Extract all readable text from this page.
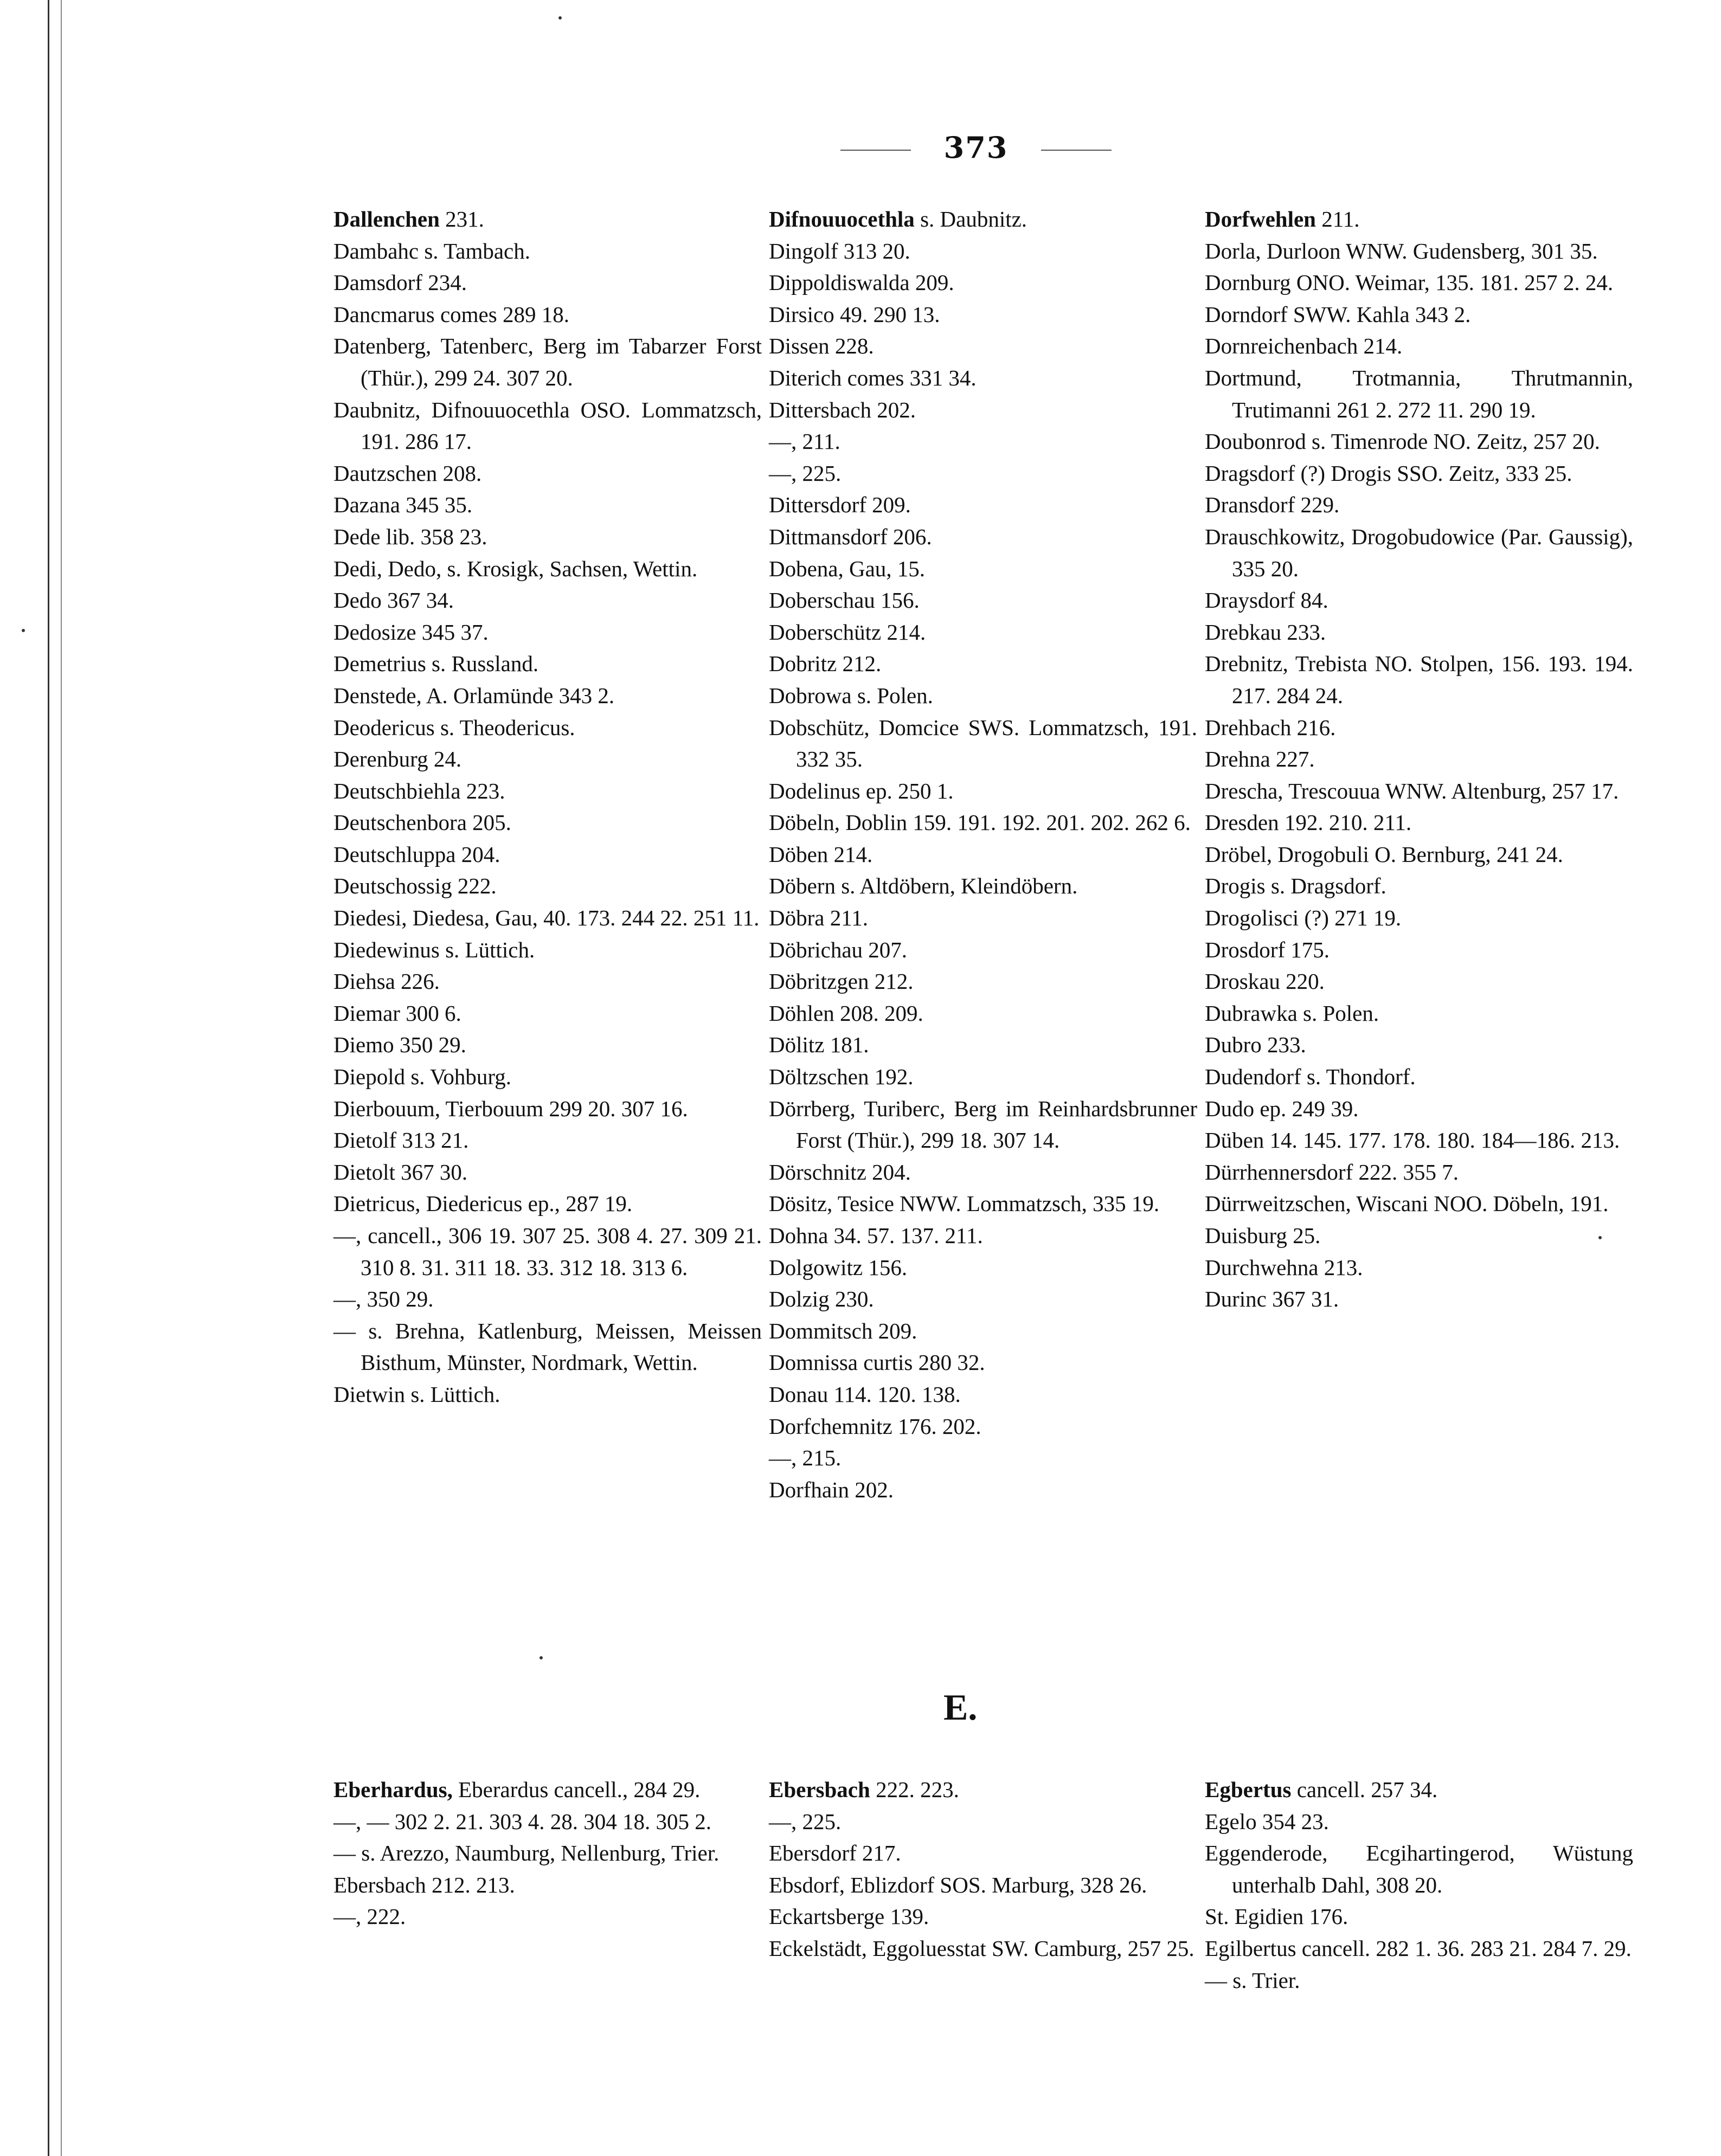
373

Dallenchen 231.

Dambahc s. Tambach.

Damsdorf 234.

Dancmarus comes 289 18.

Datenberg, Tatenberc, Berg im Tabarzer Forst (Thür.), 299 24. 307 20.

Daubnitz, Difnouuocethla OSO. Lommatzsch, 191. 286 17.

Dautzschen 208.

Dazana 345 35.

Dede lib. 358 23.

Dedi, Dedo, s. Krosigk, Sachsen, Wettin.

Dedo 367 34.

Dedosize 345 37.

Demetrius s. Russland.

Denstede, A. Orlamünde 343 2.

Deodericus s. Theodericus.

Derenburg 24.

Deutschbiehla 223.

Deutschenbora 205.

Deutschluppa 204.

Deutschossig 222.

Diedesi, Diedesa, Gau, 40. 173. 244 22. 251 11.

Diedewinus s. Lüttich.

Diehsa 226.

Diemar 300 6.

Diemo 350 29.

Diepold s. Vohburg.

Dierbouum, Tierbouum 299 20. 307 16.

Dietolf 313 21.

Dietolt 367 30.

Dietricus, Diedericus ep., 287 19.

—, cancell., 306 19. 307 25. 308 4. 27. 309 21. 310 8. 31. 311 18. 33. 312 18. 313 6.

—, 350 29.

— s. Brehna, Katlenburg, Meissen, Meissen Bisthum, Münster, Nordmark, Wettin.

Dietwin s. Lüttich.

Difnouuocethla s. Daubnitz.

Dingolf 313 20.

Dippoldiswalda 209.

Dirsico 49. 290 13.

Dissen 228.

Diterich comes 331 34.

Dittersbach 202.

—, 211.

—, 225.

Dittersdorf 209.

Dittmansdorf 206.

Dobena, Gau, 15.

Doberschau 156.

Doberschütz 214.

Dobritz 212.

Dobrowa s. Polen.

Dobschütz, Domcice SWS. Lommatzsch, 191. 332 35.

Dodelinus ep. 250 1.

Döbeln, Doblin 159. 191. 192. 201. 202. 262 6.

Döben 214.

Döbern s. Altdöbern, Kleindöbern.

Döbra 211.

Döbrichau 207.

Döbritzgen 212.

Döhlen 208. 209.

Dölitz 181.

Döltzschen 192.

Dörrberg, Turiberc, Berg im Reinhardsbrunner Forst (Thür.), 299 18. 307 14.

Dörschnitz 204.

Dösitz, Tesice NWW. Lommatzsch, 335 19.

Dohna 34. 57. 137. 211.

Dolgowitz 156.

Dolzig 230.

Dommitsch 209.

Domnissa curtis 280 32.

Donau 114. 120. 138.

Dorfchemnitz 176. 202.

—, 215.

Dorfhain 202.

Dorfwehlen 211.

Dorla, Durloon WNW. Gudensberg, 301 35.

Dornburg ONO. Weimar, 135. 181. 257 2. 24.

Dorndorf SWW. Kahla 343 2.

Dornreichenbach 214.

Dortmund, Trotmannia, Thrutmannin, Trutimanni 261 2. 272 11. 290 19.

Doubonrod s. Timenrode NO. Zeitz, 257 20.

Dragsdorf (?) Drogis SSO. Zeitz, 333 25.

Dransdorf 229.

Drauschkowitz, Drogobudowice (Par. Gaussig), 335 20.

Draysdorf 84.

Drebkau 233.

Drebnitz, Trebista NO. Stolpen, 156. 193. 194. 217. 284 24.

Drehbach 216.

Drehna 227.

Drescha, Trescouua WNW. Altenburg, 257 17.

Dresden 192. 210. 211.

Dröbel, Drogobuli O. Bernburg, 241 24.

Drogis s. Dragsdorf.

Drogolisci (?) 271 19.

Drosdorf 175.

Droskau 220.

Dubrawka s. Polen.

Dubro 233.

Dudendorf s. Thondorf.

Dudo ep. 249 39.

Düben 14. 145. 177. 178. 180. 184—186. 213.

Dürrhennersdorf 222. 355 7.

Dürrweitzschen, Wiscani NOO. Döbeln, 191.

Duisburg 25.

Durchwehna 213.

Durinc 367 31.

E.

Eberhardus, Eberardus cancell., 284 29.

—, — 302 2. 21. 303 4. 28. 304 18. 305 2.

— s. Arezzo, Naumburg, Nellenburg, Trier.

Ebersbach 212. 213.

—, 222.

Ebersbach 222. 223.

—, 225.

Ebersdorf 217.

Ebsdorf, Eblizdorf SOS. Marburg, 328 26.

Eckartsberge 139.

Eckelstädt, Eggoluesstat SW. Camburg, 257 25.

Egbertus cancell. 257 34.

Egelo 354 23.

Eggenderode, Ecgihartingerod, Wüstung unterhalb Dahl, 308 20.

St. Egidien 176.

Egilbertus cancell. 282 1. 36. 283 21. 284 7. 29.

— s. Trier.
